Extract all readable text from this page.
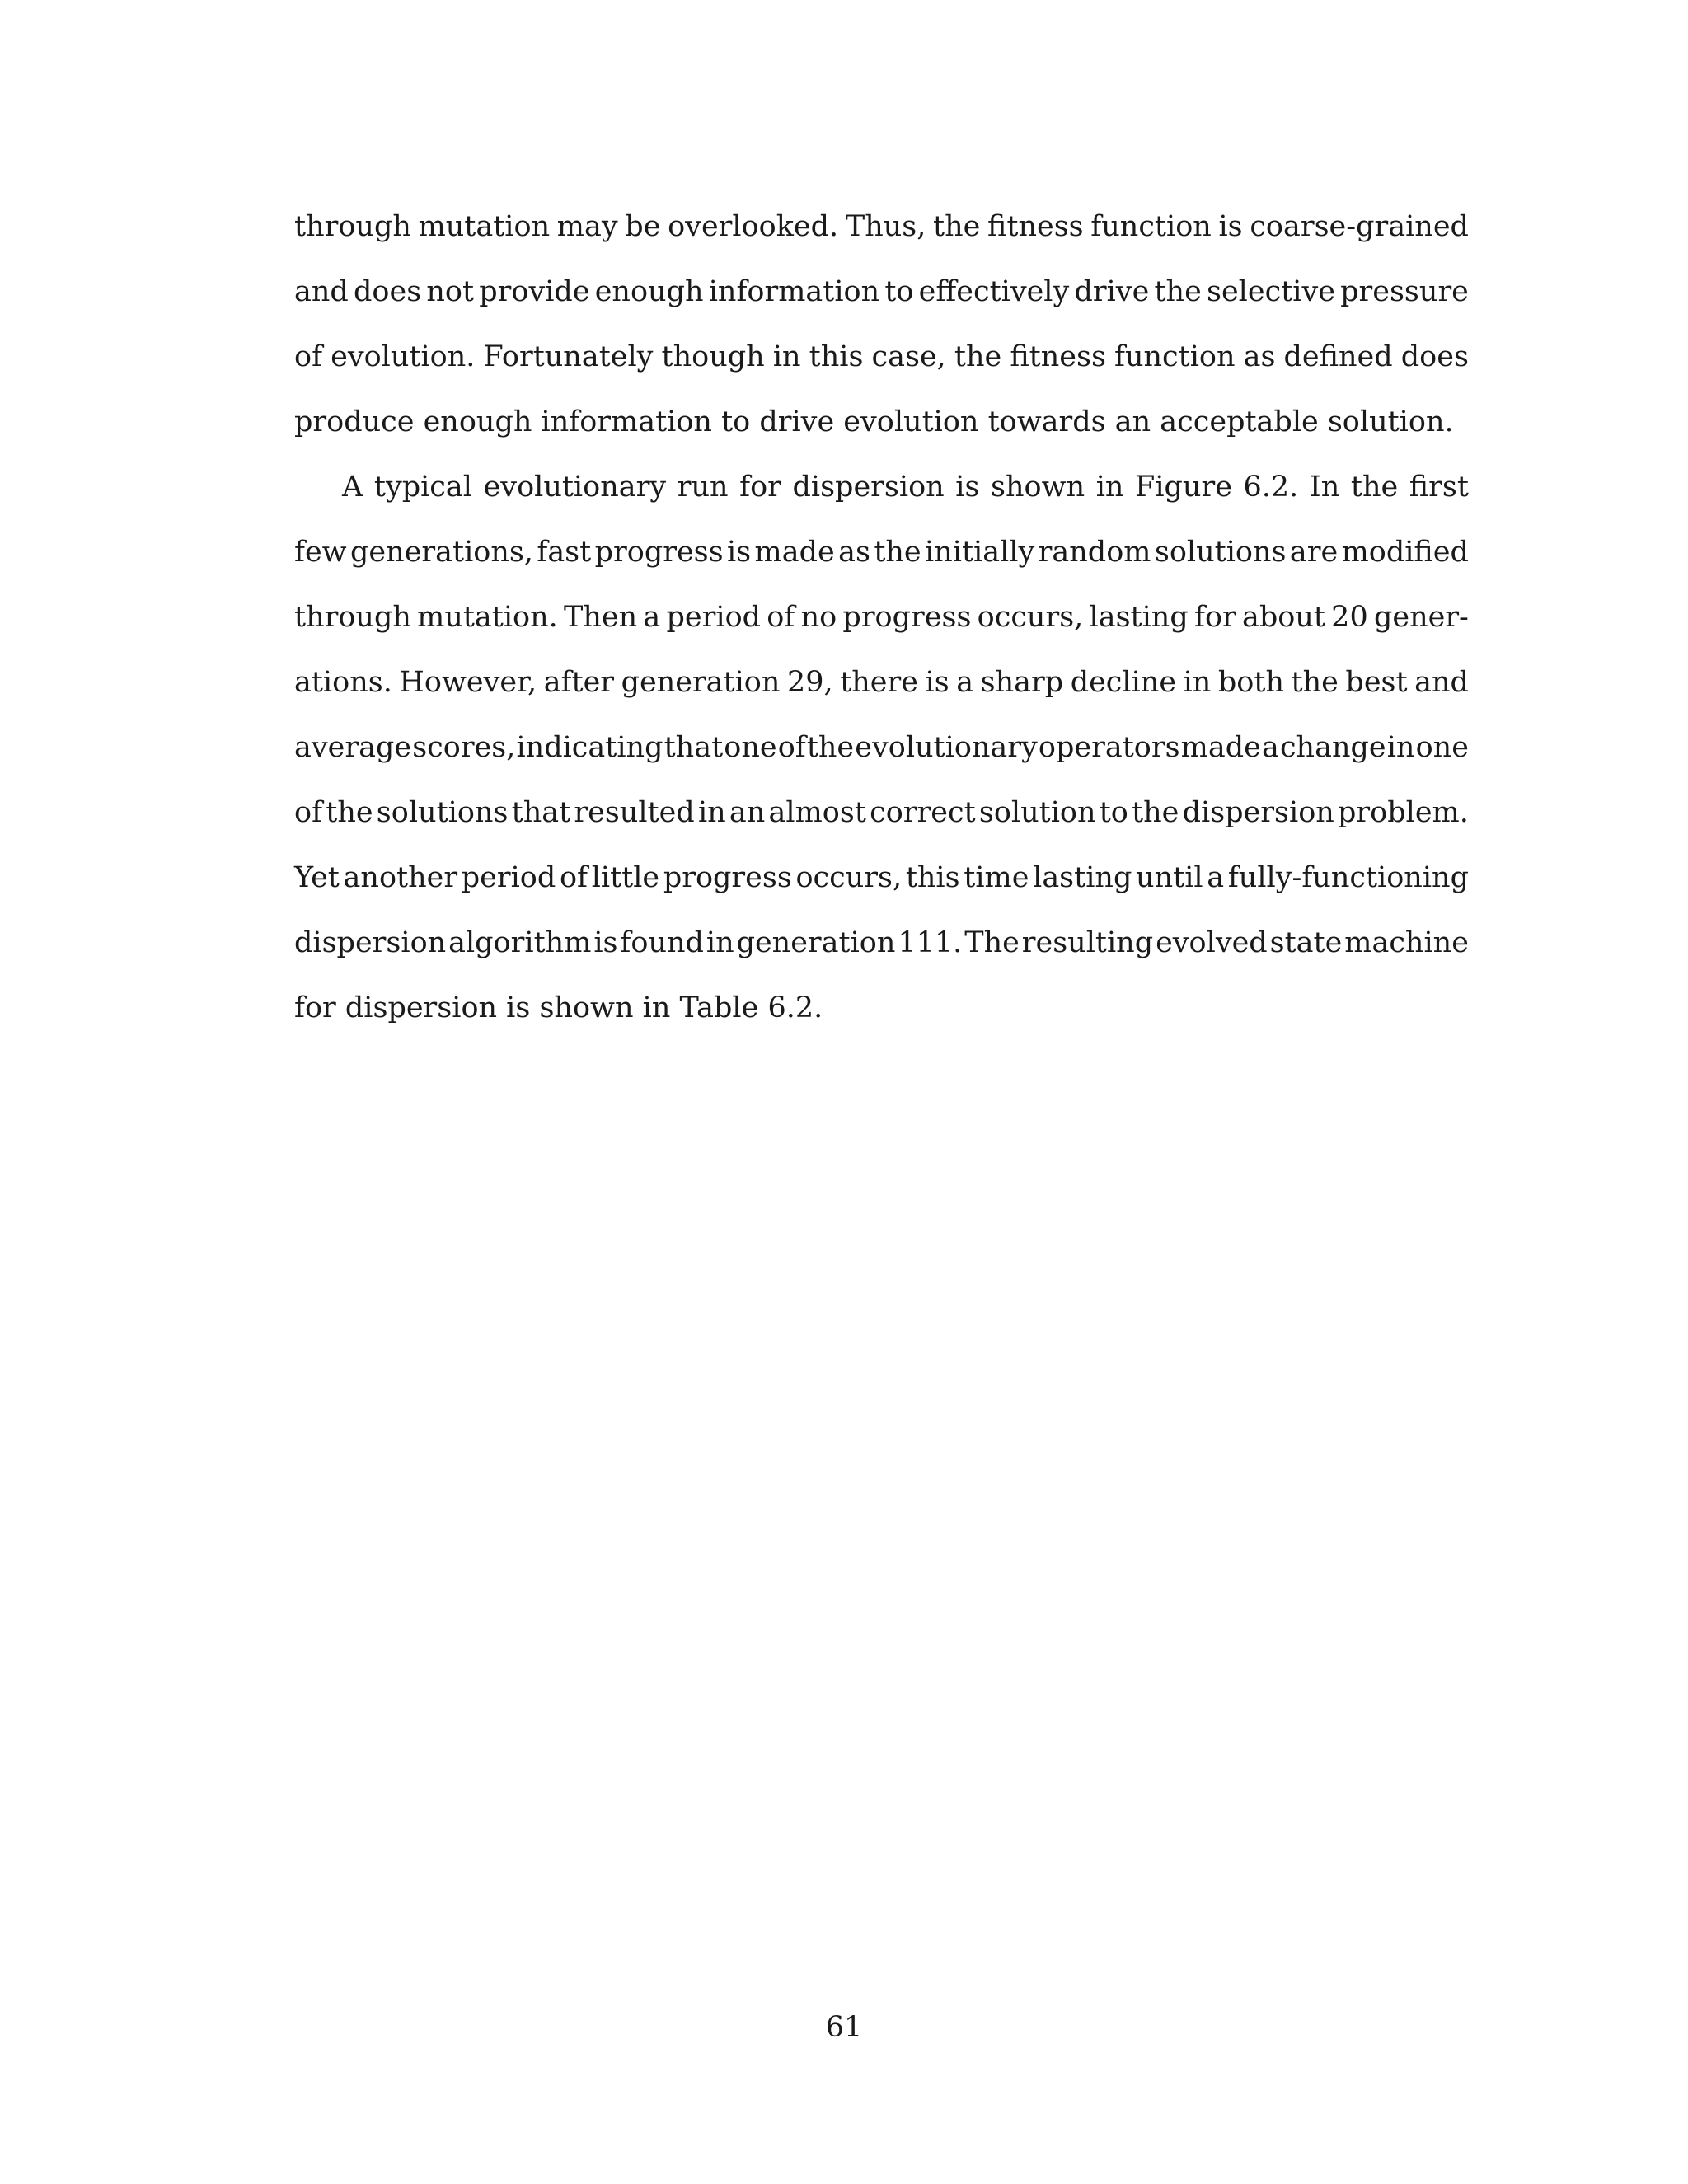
through mutation may be overlooked. Thus, the fitness function is coarse-grained
and does not provide enough information to effectively drive the selective pressure
of evolution. Fortunately though in this case, the fitness function as defined does
produce enough information to drive evolution towards an acceptable solution.
A typical evolutionary run for dispersion is shown in Figure 6.2. In the first
few generations, fast progress is made as the initially random solutions are modified
through mutation. Then a period of no progress occurs, lasting for about 20 gener-
ations. However, after generation 29, there is a sharp decline in both the best and
average scores, indicating that one of the evolutionary operators made a change in one
of the solutions that resulted in an almost correct solution to the dispersion problem.
Yet another period of little progress occurs, this time lasting until a fully-functioning
dispersion algorithm is found in generation 111. The resulting evolved state machine
for dispersion is shown in Table 6.2.
61
